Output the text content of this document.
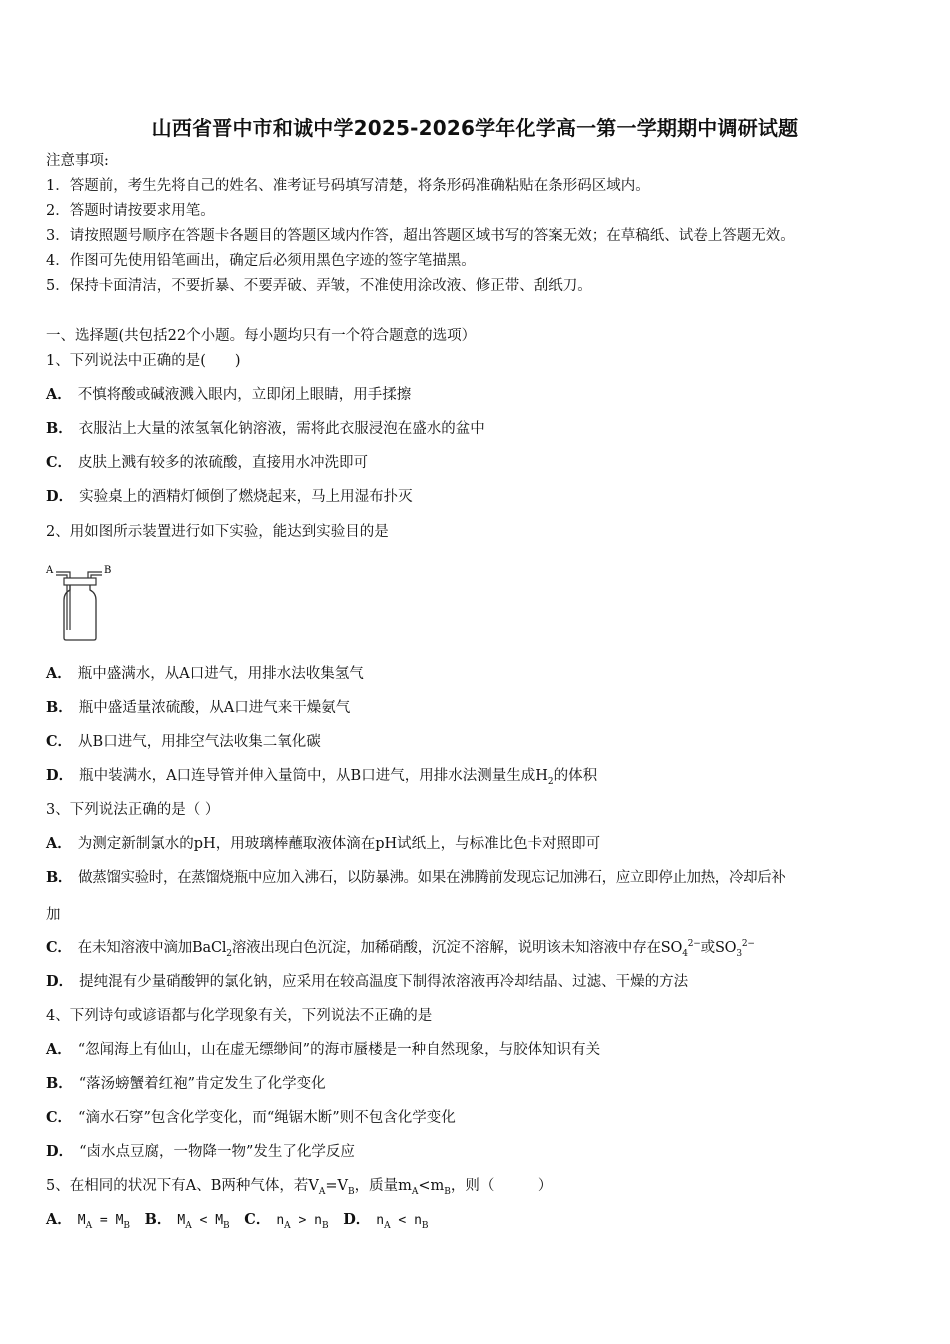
山西省晋中市和诚中学2025-2026学年化学高一第一学期期中调研试题
注意事项:
1．答题前，考生先将自己的姓名、准考证号码填写清楚，将条形码准确粘贴在条形码区域内。
2．答题时请按要求用笔。
3．请按照题号顺序在答题卡各题目的答题区域内作答，超出答题区域书写的答案无效；在草稿纸、试卷上答题无效。
4．作图可先使用铅笔画出，确定后必须用黑色字迹的签字笔描黑。
5．保持卡面清洁，不要折暴、不要弄破、弄皱，不准使用涂改液、修正带、刮纸刀。
一、选择题(共包括22个小题。每小题均只有一个符合题意的选项）
1、下列说法中正确的是(　　)
A． 不慎将酸或碱液溅入眼内，立即闭上眼睛，用手揉擦
B． 衣服沾上大量的浓氢氧化钠溶液，需将此衣服浸泡在盛水的盆中
C． 皮肤上溅有较多的浓硫酸，直接用水冲洗即可
D． 实验桌上的酒精灯倾倒了燃烧起来，马上用湿布扑灭
2、用如图所示装置进行如下实验，能达到实验目的是
A	B
A． 瓶中盛满水，从A口进气，用排水法收集氢气
B． 瓶中盛适量浓硫酸，从A口进气来干燥氨气
C． 从B口进气，用排空气法收集二氧化碳
D． 瓶中装满水，A口连导管并伸入量筒中，从B口进气，用排水法测量生成$H_2$的体积
3、下列说法正确的是（ ）
A． 为测定新制氯水的pH，用玻璃棒蘸取液体滴在pH试纸上，与标准比色卡对照即可
B． 做蒸馏实验时，在蒸馏烧瓶中应加入沸石，以防暴沸。如果在沸腾前发现忘记加沸石，应立即停止加热，冷却后补
加
C． 在未知溶液中滴加BaCl$_2$溶液出现白色沉淀，加稀硝酸，沉淀不溶解，说明该未知溶液中存在$SO_4^{2-}$或$SO_3^{2-}$
D． 提纯混有少量硝酸钾的氯化钠，应采用在较高温度下制得浓溶液再冷却结晶、过滤、干燥的方法
4、下列诗句或谚语都与化学现象有关，下列说法不正确的是
A． “忽闻海上有仙山，山在虚无缥缈间”的海市蜃楼是一种自然现象，与胶体知识有关
B． “落汤螃蟹着红袍”肯定发生了化学变化
C． “滴水石穿”包含化学变化，而“绳锯木断”则不包含化学变化
D． “卤水点豆腐，一物降一物”发生了化学反应
5、在相同的状况下有A、B两种气体，若$V_A=V_B$，质量$m_A<m_B$，则（　　　）
A． $M_A = M_B$ B． $M_A < M_B$ C． $n_A > n_B$ D． $n_A < n_B$
